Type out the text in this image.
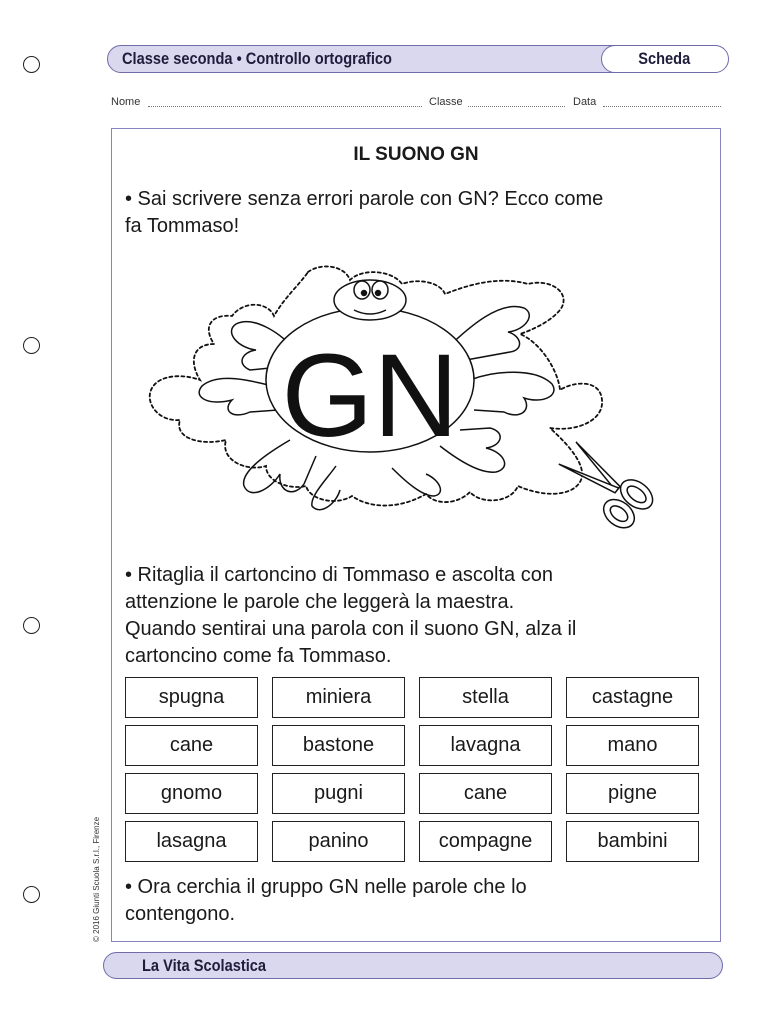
Classe seconda • Controllo ortografico	Scheda
Nome	Classe	Data
IL SUONO GN
• Sai scrivere senza errori parole con GN? Ecco come
fa Tommaso!
GN
• Ritaglia il cartoncino di Tommaso e ascolta con
attenzione le parole che leggerà la maestra.
Quando sentirai una parola con il suono GN, alza il
cartoncino come fa Tommaso.
spugna	miniera	stella	castagne
cane	bastone	lavagna	mano
gnomo	pugni	cane	pigne
lasagna	panino	compagne	bambini
• Ora cerchia il gruppo GN nelle parole che lo
contengono.
© 2016 Giunti Scuola S.r.l., Firenze
La Vita Scolastica
